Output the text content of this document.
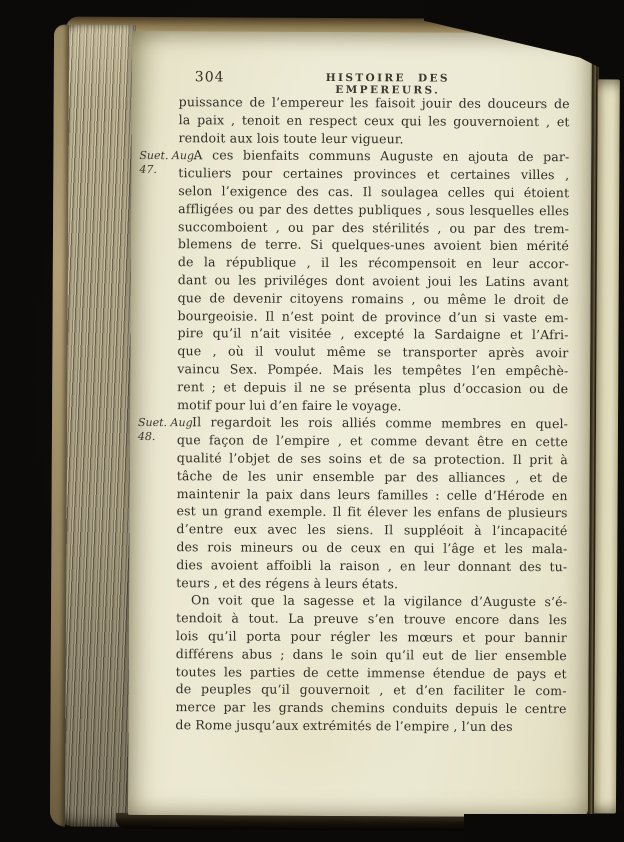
304	HISTOIRE DES EMPEREURS.
Suet. Aug.
47.
Suet. Aug.
48.
puissance de l’empereur les faisoit jouir des douceurs de
la paix , tenoit en respect ceux qui les gouvernoient , et
rendoit aux lois toute leur vigueur.
A ces bienfaits communs Auguste en ajouta de par-
ticuliers pour certaines provinces et certaines villes ,
selon l’exigence des cas. Il soulagea celles qui étoient
affligées ou par des dettes publiques , sous lesquelles elles
succomboient , ou par des stérilités , ou par des trem-
blemens de terre. Si quelques-unes avoient bien mérité
de la république , il les récompensoit en leur accor-
dant ou les priviléges dont avoient joui les Latins avant
que de devenir citoyens romains , ou même le droit de
bourgeoisie. Il n’est point de province d’un si vaste em-
pire qu’il n’ait visitée , excepté la Sardaigne et l’Afri-
que , où il voulut même se transporter après avoir
vaincu Sex. Pompée. Mais les tempêtes l’en empêchè-
rent ; et depuis il ne se présenta plus d’occasion ou de
motif pour lui d’en faire le voyage.
Il regardoit les rois alliés comme membres en quel-
que façon de l’empire , et comme devant être en cette
qualité l’objet de ses soins et de sa protection. Il prit à
tâche de les unir ensemble par des alliances , et de
maintenir la paix dans leurs familles : celle d’Hérode en
est un grand exemple. Il fit élever les enfans de plusieurs
d’entre eux avec les siens. Il suppléoit à l’incapacité
des rois mineurs ou de ceux en qui l’âge et les mala-
dies avoient affoibli la raison , en leur donnant des tu-
teurs , et des régens à leurs états.
On voit que la sagesse et la vigilance d’Auguste s’é-
tendoit à tout. La preuve s’en trouve encore dans les
lois qu’il porta pour régler les mœurs et pour bannir
différens abus ; dans le soin qu’il eut de lier ensemble
toutes les parties de cette immense étendue de pays et
de peuples qu’il gouvernoit , et d’en faciliter le com-
merce par les grands chemins conduits depuis le centre
de Rome jusqu’aux extrémités de l’empire , l’un des
